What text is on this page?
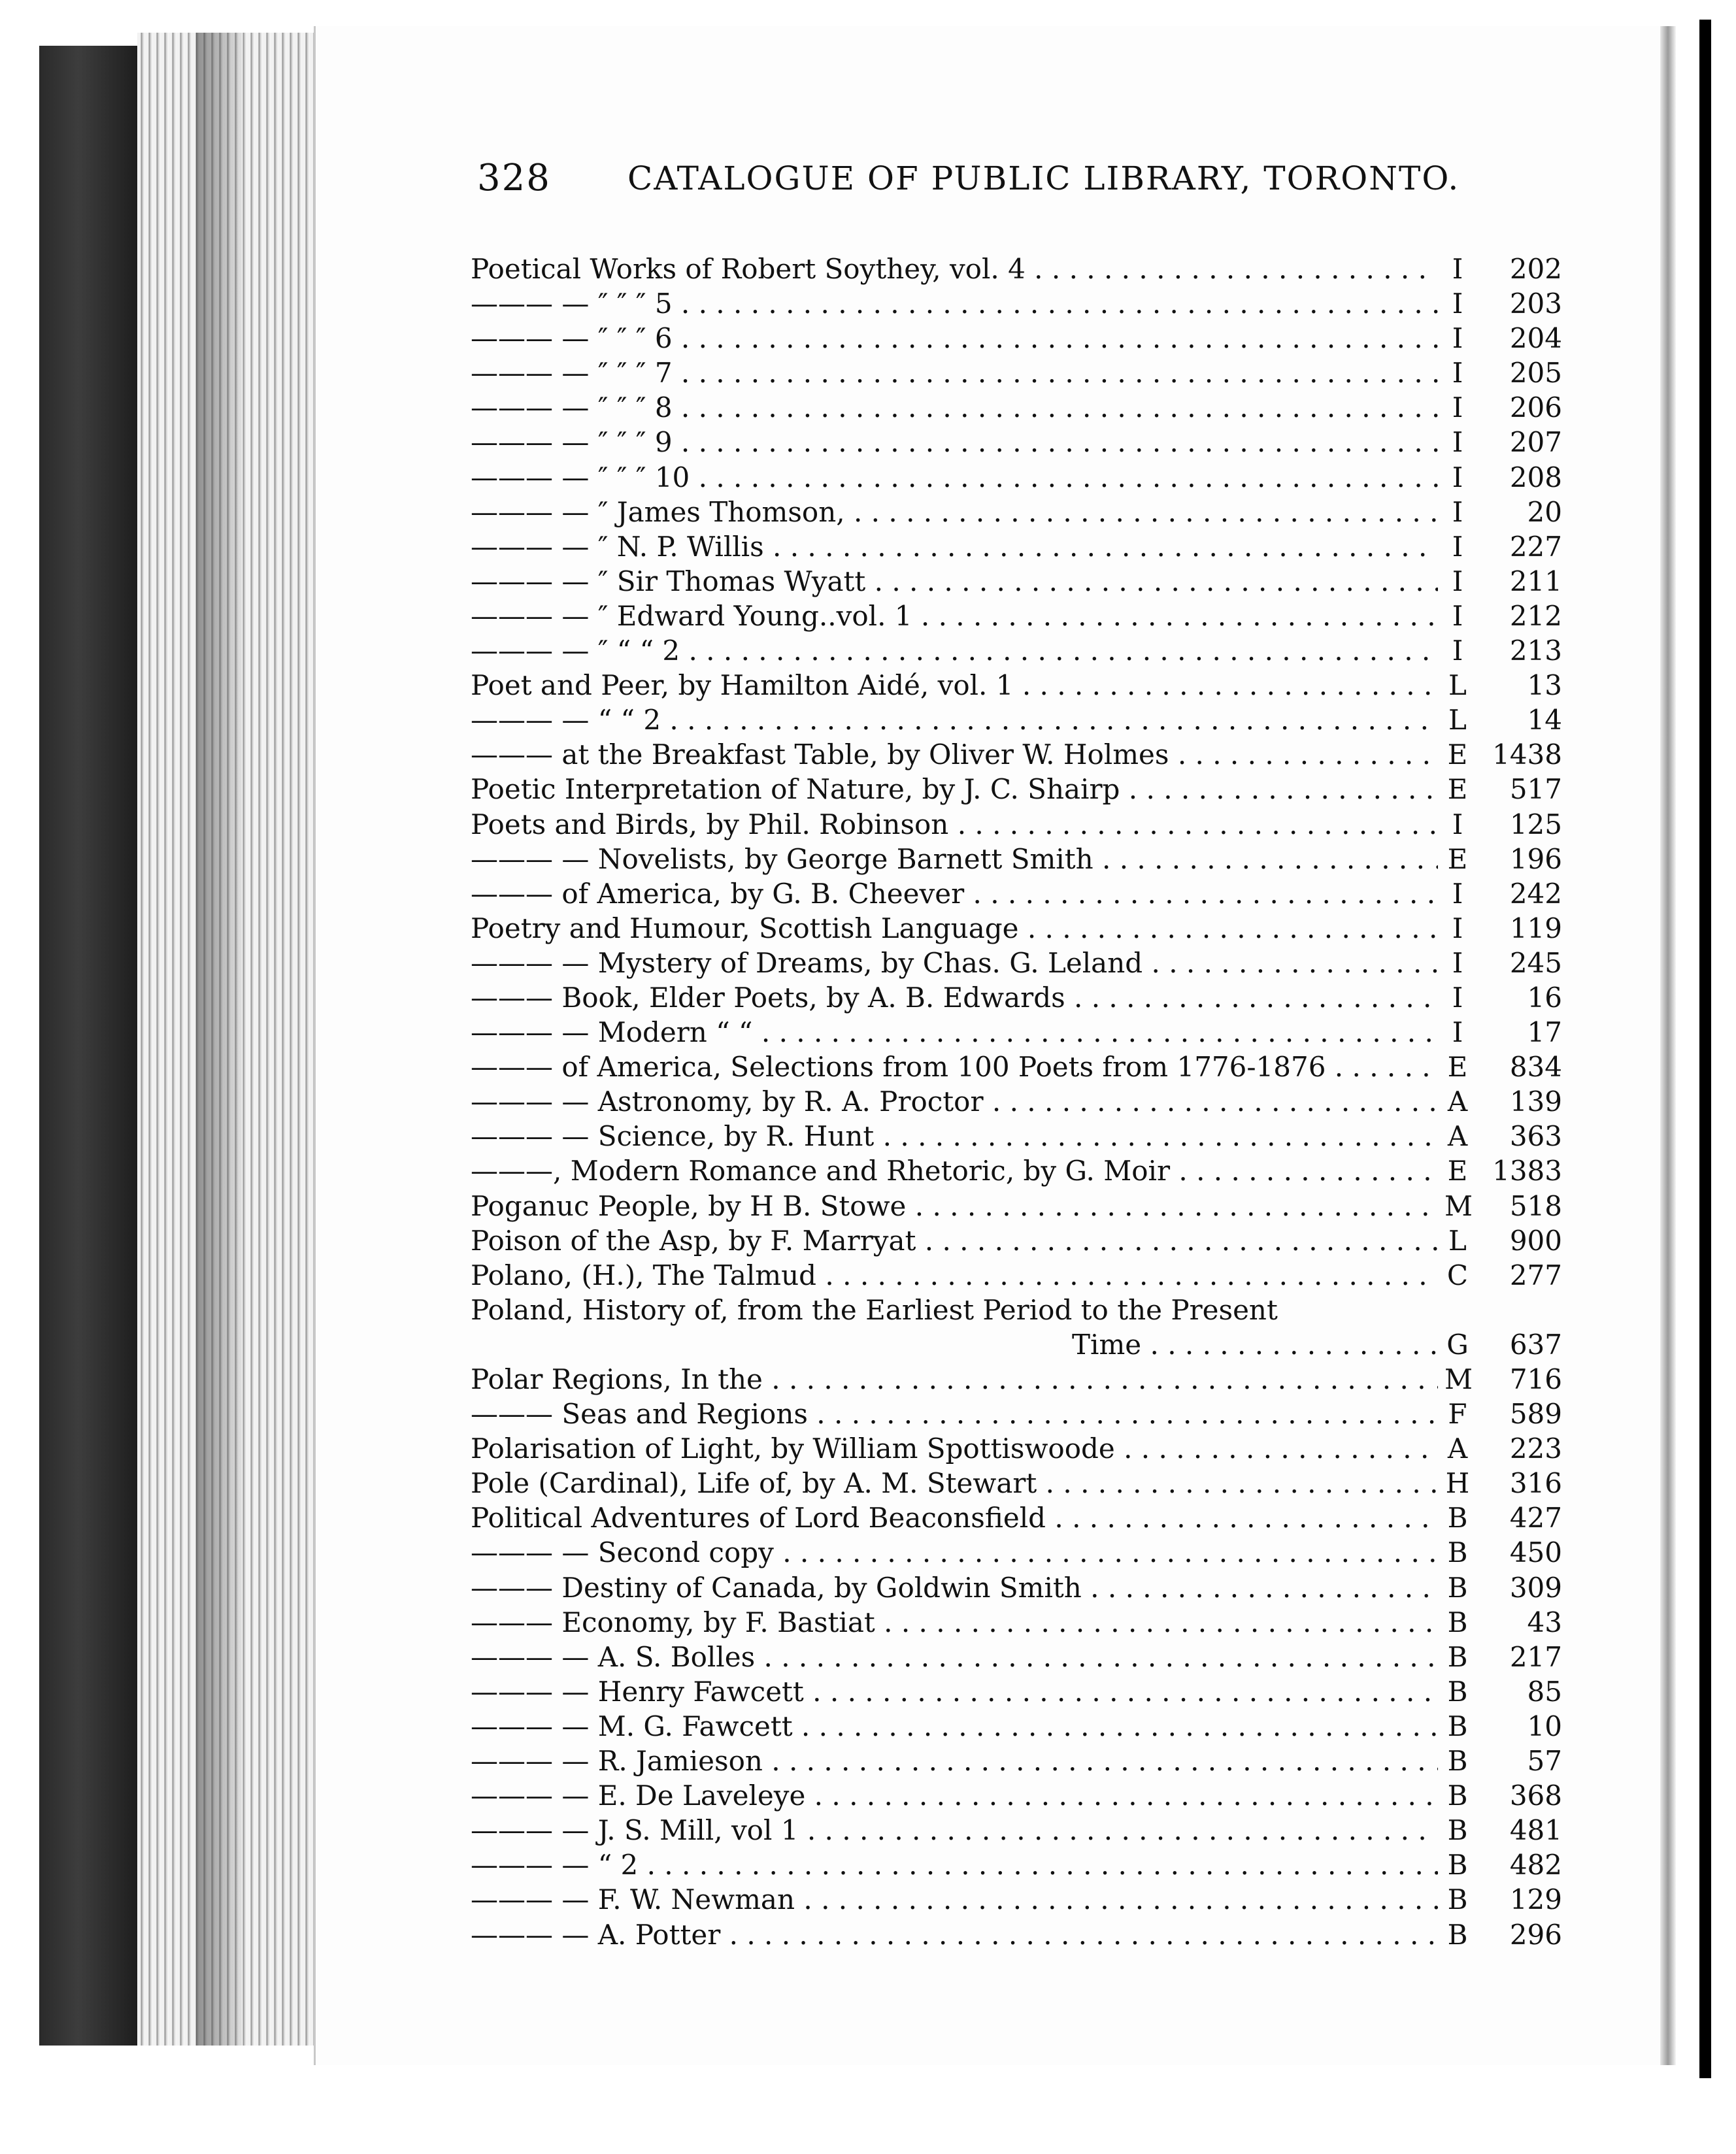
328 CATALOGUE OF PUBLIC LIBRARY, TORONTO.
Poetical Works of Robert Soythey, vol. 4 . . .	I	202
——— — ″ ″ ″ 5 . . .	I	203
——— — ″ ″ ″ 6 . . .	I	204
——— — ″ ″ ″ 7 . . .	I	205
——— — ″ ″ ″ 8 . . .	I	206
——— — ″ ″ ″ 9 . . .	I	207
——— — ″ ″ ″ 10 . . .	I	208
——— — ″ James Thomson, . . .	I	20
——— — ″ N. P. Willis . . .	I	227
——— — ″ Sir Thomas Wyatt . . .	I	211
——— — ″ Edward Young..vol. 1 . . .	I	212
——— — ″ “ “ 2 . . .	I	213
Poet and Peer, by Hamilton Aidé, vol. 1 . . .	L	13
——— — “ “ 2 . . .	L	14
——— at the Breakfast Table, by Oliver W. Holmes . . .	E 1438
Poetic Interpretation of Nature, by J. C. Shairp . . .	E	517
Poets and Birds, by Phil. Robinson . . .	I	125
——— — Novelists, by George Barnett Smith . . .	E	196
——— of America, by G. B. Cheever . . .	I	242
Poetry and Humour, Scottish Language . . .	I	119
——— — Mystery of Dreams, by Chas. G. Leland . . .	I	245
——— Book, Elder Poets, by A. B. Edwards . . .	I	16
——— — Modern “ “ . . .	I	17
——— of America, Selections from 100 Poets from 1776-1876 . . .	E	834
——— — Astronomy, by R. A. Proctor . . .	A	139
——— — Science, by R. Hunt . . .	A	363
———, Modern Romance and Rhetoric, by G. Moir . . .	E 1383
Poganuc People, by H B. Stowe . . .	M	518
Poison of the Asp, by F. Marryat . . .	L	900
Polano, (H.), The Talmud . . .	C	277
Poland, History of, from the Earliest Period to the Present
Time . . .	G	637
Polar Regions, In the . . .	M	716
——— Seas and Regions . . .	F	589
Polarisation of Light, by William Spottiswoode . . .	A	223
Pole (Cardinal), Life of, by A. M. Stewart . . .	H	316
Political Adventures of Lord Beaconsfield . . .	B	427
——— — Second copy . . .	B	450
——— Destiny of Canada, by Goldwin Smith . . .	B	309
——— Economy, by F. Bastiat . . .	B	43
——— — A. S. Bolles . . .	B	217
——— — Henry Fawcett . . .	B	85
——— — M. G. Fawcett . . .	B	10
——— — R. Jamieson . . .	B	57
——— — E. De Laveleye . . .	B	368
——— — J. S. Mill, vol 1 . . .	B	481
——— — “ 2 . . .	B	482
——— — F. W. Newman . . .	B	129
——— — A. Potter . . .	B	296
